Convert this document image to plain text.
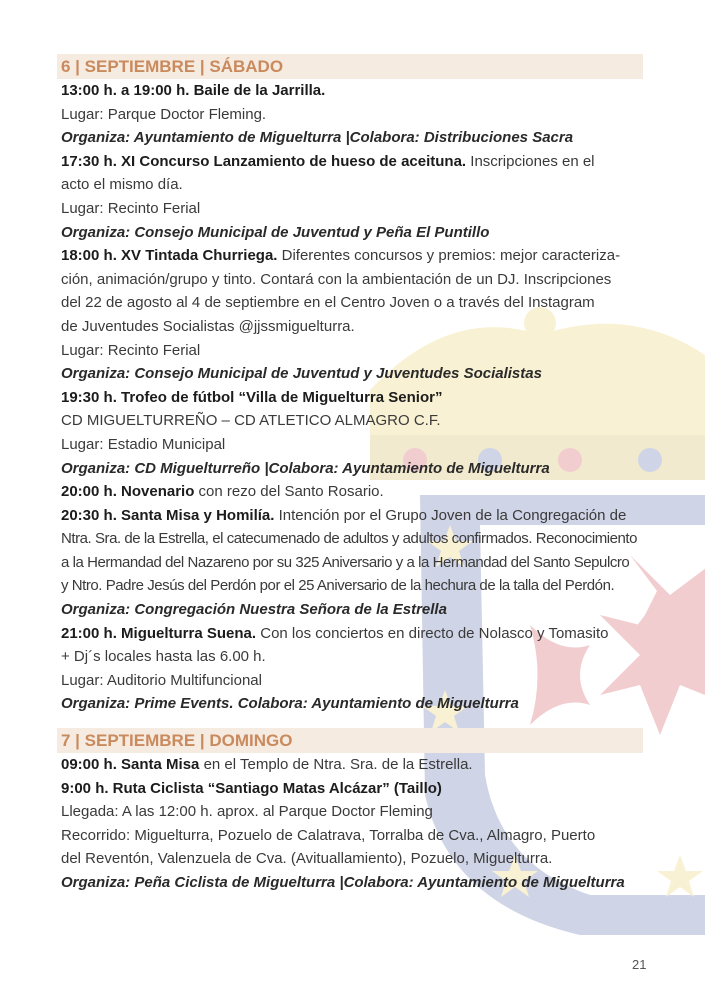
6 | SEPTIEMBRE | SÁBADO
13:00 h. a 19:00 h. Baile de la Jarrilla.
Lugar: Parque Doctor Fleming.
Organiza: Ayuntamiento de Miguelturra |Colabora: Distribuciones Sacra
17:30 h. XI Concurso Lanzamiento de hueso de aceituna. Inscripciones en el
acto el mismo día.
Lugar: Recinto Ferial
Organiza: Consejo Municipal de Juventud y Peña El Puntillo
18:00 h. XV Tintada Churriega. Diferentes concursos y premios: mejor caracteriza-
ción, animación/grupo y tinto. Contará con la ambientación de un DJ. Inscripciones
del 22 de agosto al 4 de septiembre en el Centro Joven o a través del Instagram
de Juventudes Socialistas @jjssmiguelturra.
Lugar: Recinto Ferial
Organiza: Consejo Municipal de Juventud y Juventudes Socialistas
19:30 h. Trofeo de fútbol “Villa de Miguelturra Senior”
CD MIGUELTURREÑO – CD ATLETICO ALMAGRO C.F.
Lugar: Estadio Municipal
Organiza: CD Miguelturreño |Colabora: Ayuntamiento de Miguelturra
20:00 h. Novenario con rezo del Santo Rosario.
20:30 h. Santa Misa y Homilía. Intención por el Grupo Joven de la Congregación de
Ntra. Sra. de la Estrella, el catecumenado de adultos y adultos confirmados. Reconocimiento
a la Hermandad del Nazareno por su 325 Aniversario y a la Hermandad del Santo Sepulcro
y Ntro. Padre Jesús del Perdón por el 25 Aniversario de la hechura de la talla del Perdón.
Organiza: Congregación Nuestra Señora de la Estrella
21:00 h. Miguelturra Suena. Con los conciertos en directo de Nolasco y Tomasito
+ Dj´s locales hasta las 6.00 h.
Lugar: Auditorio Multifuncional
Organiza: Prime Events. Colabora: Ayuntamiento de Miguelturra
7 | SEPTIEMBRE | DOMINGO
09:00 h. Santa Misa en el Templo de Ntra. Sra. de la Estrella.
9:00 h. Ruta Ciclista “Santiago Matas Alcázar” (Taillo)
Llegada: A las 12:00 h. aprox. al Parque Doctor Fleming
Recorrido: Miguelturra, Pozuelo de Calatrava, Torralba de Cva., Almagro, Puerto
del Reventón, Valenzuela de Cva. (Avituallamiento), Pozuelo, Miguelturra.
Organiza: Peña Ciclista de Miguelturra |Colabora: Ayuntamiento de Miguelturra
21
